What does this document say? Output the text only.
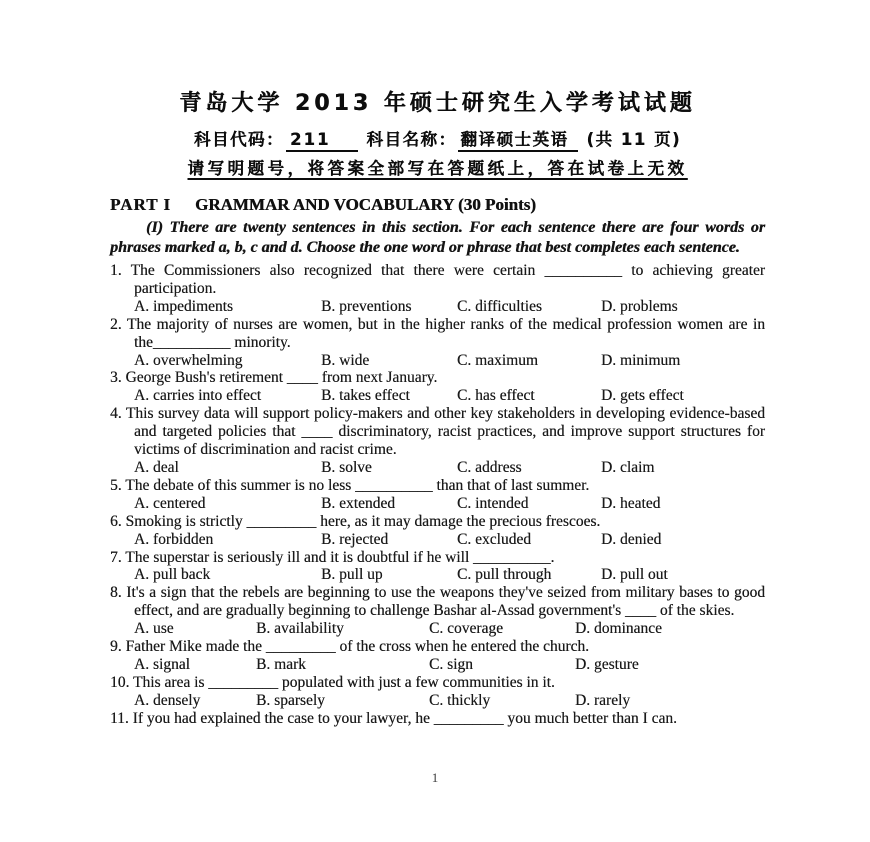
青岛大学 2013 年硕士研究生入学考试试题
科目代码： 211 科目名称： 翻译硕士英语 (共 11 页)
请写明题号，将答案全部写在答题纸上，答在试卷上无效
PART I GRAMMAR AND VOCABULARY (30 Points)

(I) There are twenty sentences in this section. For each sentence there are four words or phrases marked a, b, c and d. Choose the one word or phrase that best completes each sentence.

1. The Commissioners also recognized that there were certain __________ to achieving greater participation.

A. impediments	B. preventions	C. difficulties	D. problems

2. The majority of nurses are women, but in the higher ranks of the medical profession women are in the__________ minority.

A. overwhelming	B. wide	C. maximum	D. minimum

3. George Bush's retirement ____ from next January.

A. carries into effect	B. takes effect	C. has effect	D. gets effect

4. This survey data will support policy-makers and other key stakeholders in developing evidence-based and targeted policies that ____ discriminatory, racist practices, and improve support structures for victims of discrimination and racist crime.

A. deal	B. solve	C. address	D. claim

5. The debate of this summer is no less __________ than that of last summer.

A. centered	B. extended	C. intended	D. heated

6. Smoking is strictly _________ here, as it may damage the precious frescoes.

A. forbidden	B. rejected	C. excluded	D. denied

7. The superstar is seriously ill and it is doubtful if he will __________.

A. pull back	B. pull up	C. pull through	D. pull out

8. It's a sign that the rebels are beginning to use the weapons they've seized from military bases to good effect, and are gradually beginning to challenge Bashar al-Assad government's ____ of the skies.

A. use	B. availability	C. coverage	D. dominance

9. Father Mike made the _________ of the cross when he entered the church.

A. signal	B. mark	C. sign	D. gesture

10. This area is _________ populated with just a few communities in it.

A. densely	B. sparsely	C. thickly	D. rarely

11. If you had explained the case to your lawyer, he _________ you much better than I can.

1
